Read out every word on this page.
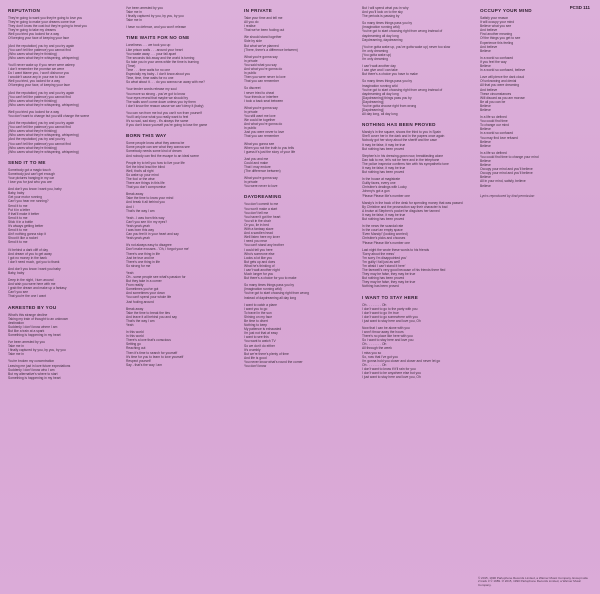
PCSD 111
REPUTATION
They're going to want you they're going to love you
They're going to make your dreams come true
They don't know the cost but they're going to treat you
They're going to take my dreams
Well you tried you looked for a way
Of keeping your face of keeping your face
(And the reputation) you try and you try again
(You can't tell the patience) you cannot find
(Who cares what they're thinking)
(Who cares what they're whispering, whispering)
You'll never wake up if you never were asleep
I don't remember the promise we were
Do I want blame you, I won't dishonor you
I wouldn't cause any in your ear to love
Well you tried, you looked for a way
Of keeping your face, of keeping your face
(And the reputation) you try and you try again
(You can't tell the patience) you cannot find
(Who cares what they're thinking)
(Who cares what they're whispering, whispering)
Well you tried you looked for a way
You don't want to change but you still change the scene
(And the reputation) you try and you try again
(You can't tell the patience) you cannot find
(Who cares what they're thinking)
(Who cares what they're whispering, whispering)
(And the reputation) you try and you try
(You can't tell the patience) you cannot find
(Who cares what they're thinking)
(Who cares what they're whispering, whispering)
SEND IT TO ME
Somebody got a magic touch
Somebody just can't get enough
Your pictures hanging in my car
I love you for just who you are
And don't you know I want you, baby
Baby, baby
Get your motor running
Can't you hear me running?
Send it to me
Put it in a letter
If that'll make it better
Send it to me
Stick it in a bottle
It's always getting better
Send it to me
Ain't nothing gonna stop it
Shoot it like a rocket
Send it to me
I'd behind a dark cliff of day
And dream of you to get away
I got no money in the bank
I don't need much, got you to thank
And don't you know I want you baby
Baby, baby
Deep in the night, I turn around
And wish you were here with me
I grab the dream and make up a fantasy
Can't you see
That you're the one I want
ARRESTED BY YOU
What's this strange decline
Taking my train of thought to an unknown
destination
Suddenly I don't know where I am
But like a train at a spark
Something is happening in my heart
I've been arrested by you
Take me in
I finally captured by you, by you, by you
Take me in
You're broken my concentration
Leaving me just in love future expectations
Suddenly I don't know who I am
But my alternative's where to start
Something is happening in my heart
I've been arrested by you
Take me in
I finally captured by you, by you, by you
Take me in
I have no defence, and you won't release
TIME WAITS FOR NO ONE
Loneliness . . . we took you up
Like prison walls . . . around your heart
You waste away . . . your fall apart
The seconds tick away and the world is turning
So take you in your arms while the time is burning
(Time)
Time . . . time waits for no one
Especially my baby - I don't know about you
Time, time, time waits for no one
So what about it . . . do you wanna run away with me?
Your tender words release my soul
You move so strong - you've got to know
Your eyes reveal that maybe we should try
The walls won't come down unless you try them
I don't know the reason cause we can't deny it (baby)
You can run from me but you can't run from yourself
You'll only lose what you really want to feel
It's so sad, sad story - it's always the same
If you don't know yourself you're going to lose the game
BORN THIS WAY
Some people know what they wanna be
Some people can see what they wanna see
Somebody needs some kind of dream
And nobody can find the escape to an ideal scene
People try to tell you how to live your life
Set the blind lead the blind
Well, that's all right
So wake up your mind
The fool or the wise
There are things in this life
That you don't compromise
Break away
Take the time to know your mind
And break it all behind you
And I
That's the way I am
Yeah - I was born this way
Can't you see it in my eyes?
Yeah-yeah-yeah
I was born this way
Can you feel it in your heart and say
Yeah-yeah-yeah
It's not always easy to disagree
Don't make excuses - 'Oh, I forgot your me'
There's one thing in life
Just be true and be
There's one thing in life
So strong for me
Yeah
Oh - some people see what's passion for
But they take in a corner
From reality
Sometimes you've got
And sometimes your down
You can't spend your whole life
Just fooling around
Break away
Take the time to break the ties
And leave it all behind you and say
That's the way I am
Yeah
In this world
In this world
There's a love that's conscious
Setting go
Reaching out
Then it's time to search for yourself
It's time for you to learn to love yourself
Respect yourself
Say - that's the way I am
IN PRIVATE
Take your time and tell me
All you do
I realise
That we've been fooling out
We should stand together
Side by side
But what we've planned
(There, there's a difference between)
What you're gonna say
In private
You said what you say
And what you're gonna do
In public
Then you were never to love
That you can remember
So discreet
I never tried to cheat
Your friends or interfere
I took a back seat between
What you're gonna say
In private
You still want me love
We could be together
And what you're gonna do
In public
Just you were never to love
That you can remember
What you gonna see
When you not the truth to you tells
I guess it's just the story of your life
Just you and me
Could and make
That I may endure
(The difference between)
What you're gonna say
In private
You were never to love
DAYDREAMING
You don't commit to me
You won't make a start
You don't tell me
You haven't got the heart
You sit in the chair
Or you, lie in bed
With a fantasy slave
And a swollen head
Well listen here my lover
I need you near
You can't stand any brother
I could tell you here
Who's someone else
Looks a lot like you
But gets up and does
What he's thinking of
I can't wait another night
Much longer for you
But there's a choice for you to make
So many times things pass you by
(Imagination running wild)
You've got to start choosing right from wrong
Instead of daydreaming all day long
I want to catch a plane
I want you to go
To travel in the sun
Shining on my face
Be time to divert
Nothing to keep
My patience is exhausted
I'm just not that at easy
I want to see this
You want to watch TV
So we don't do either
It's crumbly
But we're there's plenty of time
And life is good
You never know what's round the corner
You don't know
But I will spend what you in why
And you'll look on to the sky
The periods is passing by
So many times things pass you by
(Imagination running wild)
You've got to start choosing right from wrong instead of
daydreaming all day long
Daydreaming, daydreaming
(You've gotta wake up, you've gotta wake up) never too slow
I'm only dreaming
(You gotta wake up)
I'm only dreaming
I can't wait another day
I can give and I can take
But there's a choice you have to make
So many times things pass you by
Imagination running wild
You've got to start choosing right from wrong instead of
daydreaming all day long
[Daydreaming] things pass you by
[Daydreaming]
You've gotta choose right from wrong
[Daydreaming]
All day long, all day long
NOTHING HAS BEEN PROVED
Mandy's in the square, shows the third to you in Spain
She'll cover her in the dark and in the papers once again
Nobody got her story about the sheriff and the case
It may be false, it may be true
But nothing has been proved
Stephen's in his dressing-gown now, breakfasting alone
Dan talk to me, let's not be here and in the telephone
The police inspector confirms him with his sympathetic tone
It may be false, it may be true
But nothing has been proved
In the house at magistrate
Guilty faces, every one
Christine's dealings with Lucky
Johnny's got a gun
'Please Please Me's number one
Mandy's in the back of the desk for spending money that was passed
By Christine and the prosecution say their character is bad
A bruise at Stephen's pocket he disguises her tanned
It may be false, it may be true
But nothing has been proved
In the news the scandal rate
In the court an empty space
'Even Mandy!' (looking worried)
Christine's picks and chooses
'Please Please Me's number one
Last night the wrote these words to his friends
'Sorry about the mess'
'I'm sorry I'm disappointed you'
'I'm guilty I fail just as well'
'I'm afraid I can't stand it here'
The farewell's very good because of his friends there fled
They may be false, they may be true
But nothing has been proved
They may be false, they may be true
Nothing has been proved
I WANT TO STAY HERE
Oh . . . . . . . . Oh
I don't want to go to the party with you
I don't want to go I'm true
I don't want to go somewhere with you
I just want to stay here and love you, Oh
Now that I can be alone with you
I won't throw away the hours
There's no place like here with you
So I want to stay here and love you
Oh . . . . . . . . Oh
All through the week
I miss you so
So, now that I've got you
I'm gonna hold you closer and closer and never let go
Oh . . . . . . . . Oh
I don't want to know if it'll rain for you
I don't want to be anywhere else but you
I just want to stay here and love you, Oh
OCCUPY YOUR MIND
Satisfy your reason
It will occupy your mind
Believe what you see
And believe
Find another meaning
Of the things you get to see
Experience this feeling
And believe
Believe
In a world so confused
If you feel the way
Believe
In a world so confused, believe
Love will pierce the dark cloud
Of unknowing and denial
All that you were dreaming
And believe
These circumstances
Will discard as you am morose
Be all you can be
Believe
Believe
In a life so defined
You could find time
To change our mind
Believe
In a world so confused
You may find love refused
Believe
Believe
In a life so defined
You could find time to change your mind
Believe
Believe
Occupy your mind and you'll believe
Occupy your mind and you'll believe
Believe
All in your mind, satisfy, believe
Believe
Lyrics reproduced by kind permission
© 2015, 1990 Parlophone Records Limited, a Warner Music Company. Except side 2 track 3 © 1989. ℗ 2015, 1990 Parlophone Records Limited, a Warner Music Company.
